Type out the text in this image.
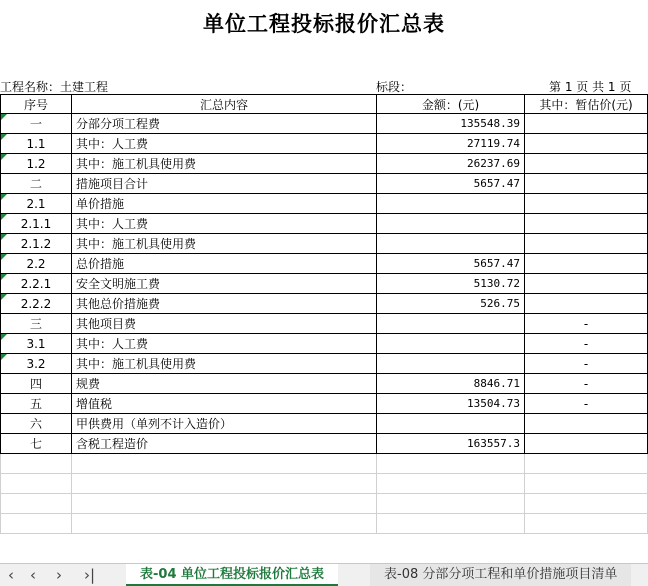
单位工程投标报价汇总表
工程名称：土建工程	标段：	第 1 页 共 1 页
序号	汇总内容	金额：(元)	其中：暂估价(元)
一	分部分项工程费	135548.39	
1.1	其中：人工费	27119.74	
1.2	其中：施工机具使用费	26237.69	
二	措施项目合计	5657.47	
2.1	单价措施		
2.1.1	其中：人工费		
2.1.2	其中：施工机具使用费		
2.2	总价措施	5657.47	
2.2.1	安全文明施工费	5130.72	
2.2.2	其他总价措施费	526.75	
三	其他项目费		-
3.1	其中：人工费		-
3.2	其中：施工机具使用费		-
四	规费	8846.71	-
五	增值税	13504.73	-
六	甲供费用（单列不计入造价）		
七	含税工程造价	163557.3	

‹ ‹ › ›|	表-04 单位工程投标报价汇总表	表-08 分部分项工程和单价措施项目清单
